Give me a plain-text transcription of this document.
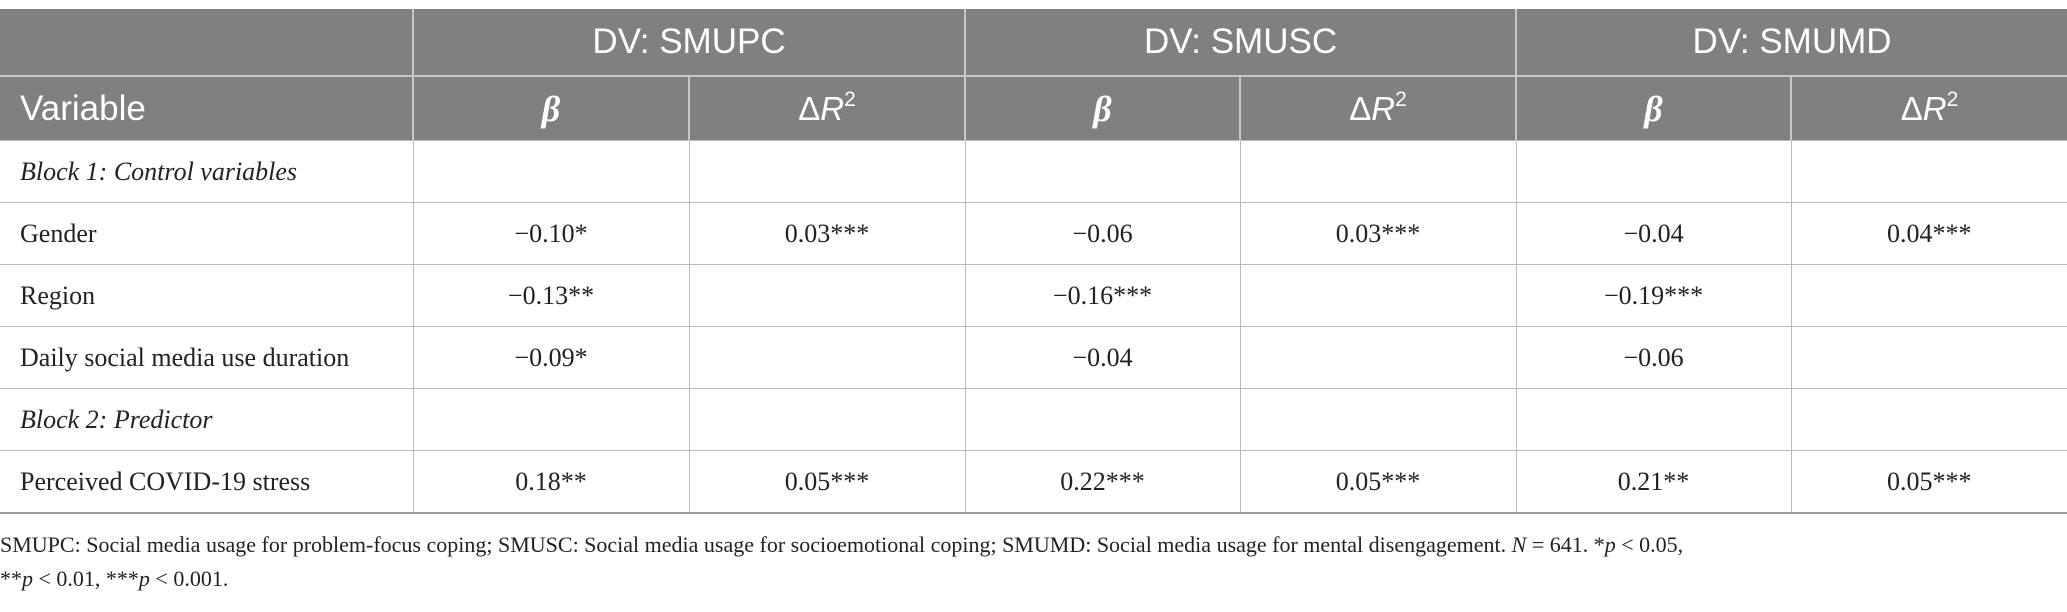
	DV: SMUPC		DV: SMUSC		DV: SMUMD	
Variable	β	$\Delta R^2$	β	$\Delta R^2$	β	$\Delta R^2$
Block 1: Control variables						
Gender	−0.10*	0.03***	−0.06	0.03***	−0.04	0.04***
Region	−0.13**		−0.16***		−0.19***	
Daily social media use duration	−0.09*		−0.04		−0.06	
Block 2: Predictor						
Perceived COVID-19 stress	0.18**	0.05***	0.22***	0.05***	0.21**	0.05***
SMUPC: Social media usage for problem-focus coping; SMUSC: Social media usage for socioemotional coping; SMUMD: Social media usage for mental disengagement. N = 641. *p < 0.05,
**p < 0.01, ***p < 0.001.
